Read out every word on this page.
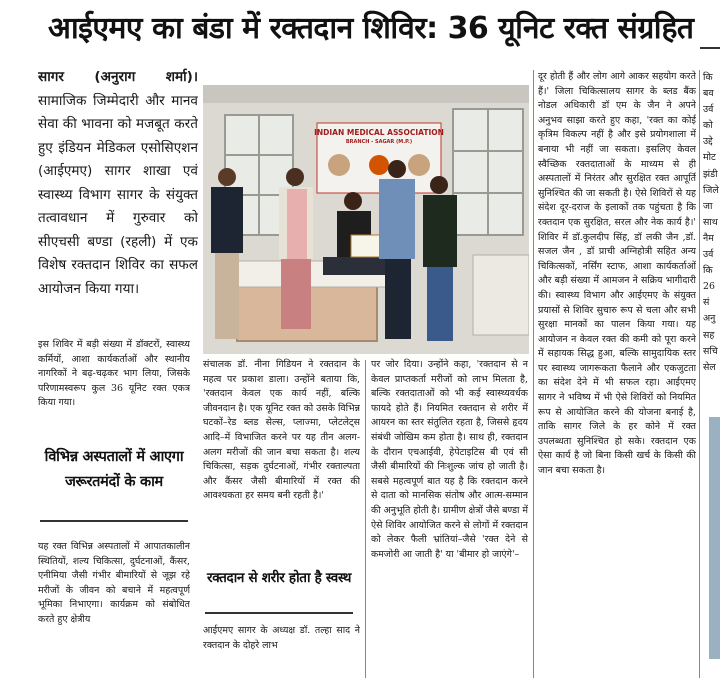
आईएमए का बंडा में रक्तदान शिविर: 36 यूनिट रक्त संग्रहित

सागर (अनुराग शर्मा)। सामाजिक जिम्मेदारी और मानव सेवा की भावना को मजबूत करते हुए इंडियन मेडिकल एसोसिएशन (आईएमए) सागर शाखा एवं स्वास्थ्य विभाग सागर के संयुक्त तत्वावधान में गुरुवार को सीएचसी बण्डा (रहली) में एक विशेष रक्तदान शिविर का सफल आयोजन किया गया।

इस शिविर में बड़ी संख्या में डॉक्टरों, स्वास्थ्य कर्मियों, आशा कार्यकर्ताओं और स्थानीय नागरिकों ने बढ़-चढ़कर भाग लिया, जिसके परिणामस्वरूप कुल 36 यूनिट रक्त एकत्र किया गया।

विभिन्न अस्पतालों में आएगा जरूरतमंदों के काम

यह रक्त विभिन्न अस्पतालों में आपातकालीन स्थितियों, शल्य चिकित्सा, दुर्घटनाओं, कैंसर, एनीमिया जैसी गंभीर बीमारियों से जूझ रहे मरीजों के जीवन को बचाने में महत्वपूर्ण भूमिका निभाएगा। कार्यक्रम को संबोधित करते हुए क्षेत्रीय

INDIAN MEDICAL ASSOCIATION
BRANCH - SAGAR (M.P.)

संचालक डॉ. नीना गिडियन ने रक्तदान के महत्व पर प्रकाश डाला। उन्होंने बताया कि, 'रक्तदान केवल एक कार्य नहीं, बल्कि जीवनदान है। एक यूनिट रक्त को उसके विभिन्न घटकों–रेड ब्लड सेल्स, प्लाज्मा, प्लेटलेट्स आदि–में विभाजित करने पर यह तीन अलग-अलग मरीजों की जान बचा सकता है। शल्य चिकित्सा, सड़क दुर्घटनाओं, गंभीर रक्ताल्पता और कैंसर जैसी बीमारियों में रक्त की आवश्यकता हर समय बनी रहती है।'

रक्तदान से शरीर होता है स्वस्थ

आईएमए सागर के अध्यक्ष डॉ. तल्हा साद ने रक्तदान के दोहरे लाभ

पर जोर दिया। उन्होंने कहा, 'रक्तदान से न केवल प्राप्तकर्ता मरीजों को लाभ मिलता है, बल्कि रक्तदाताओं को भी कई स्वास्थ्यवर्धक फायदे होते हैं। नियमित रक्तदान से शरीर में आयरन का स्तर संतुलित रहता है, जिससे हृदय संबंधी जोखिम कम होता है। साथ ही, रक्तदान के दौरान एचआईवी, हेपेटाइटिस बी एवं सी जैसी बीमारियों की निःशुल्क जांच हो जाती है। सबसे महत्वपूर्ण बात यह है कि रक्तदान करने से दाता को मानसिक संतोष और आत्म-सम्मान की अनुभूति होती है। ग्रामीण क्षेत्रों जैसे बण्डा में ऐसे शिविर आयोजित करने से लोगों में रक्तदान को लेकर फैली भ्रांतियां–जैसे 'रक्त देने से कमजोरी आ जाती है' या 'बीमार हो जाएंगे'–

दूर होती हैं और लोग आगे आकर सहयोग करते हैं।' जिला चिकित्सालय सागर के ब्लड बैंक नोडल अधिकारी डॉ एम के जैन ने अपने अनुभव साझा करते हुए कहा, 'रक्त का कोई कृत्रिम विकल्प नहीं है और इसे प्रयोगशाला में बनाया भी नहीं जा सकता। इसलिए केवल स्वैच्छिक रक्तदाताओं के माध्यम से ही अस्पतालों में निरंतर और सुरक्षित रक्त आपूर्ति सुनिश्चित की जा सकती है। ऐसे शिविरों से यह संदेश दूर-दराज के इलाकों तक पहुंचता है कि रक्तदान एक सुरक्षित, सरल और नेक कार्य है।' शिविर में डॉ.कुलदीप सिंह, डॉ लकी जैन ,डॉ. सजल जैन , डॉ प्राची अग्निहोत्री सहित अन्य चिकित्सकों, नर्सिंग स्टाफ, आशा कार्यकर्ताओं और बड़ी संख्या में आमजन ने सक्रिय भागीदारी की। स्वास्थ्य विभाग और आईएमए के संयुक्त प्रयासों से शिविर सुचारु रूप से चला और सभी सुरक्षा मानकों का पालन किया गया। यह आयोजन न केवल रक्त की कमी को पूरा करने में सहायक सिद्ध हुआ, बल्कि सामुदायिक स्तर पर स्वास्थ्य जागरूकता फैलाने और एकजुटता का संदेश देने में भी सफल रहा। आईएमए सागर ने भविष्य में भी ऐसे शिविरों को नियमित रूप से आयोजित करने की योजना बनाई है, ताकि सागर जिले के हर कोने में रक्त उपलब्धता सुनिश्चित हो सके। रक्तदान एक ऐसा कार्य है जो बिना किसी खर्च के किसी की जान बचा सकता है।

कि
बव
उर्व
को
उद्दे
मोट
झंडी
जिले
जा
साथ
नैम
उर्व
कि
26
सं
अनु
सह
सचि
सेल
